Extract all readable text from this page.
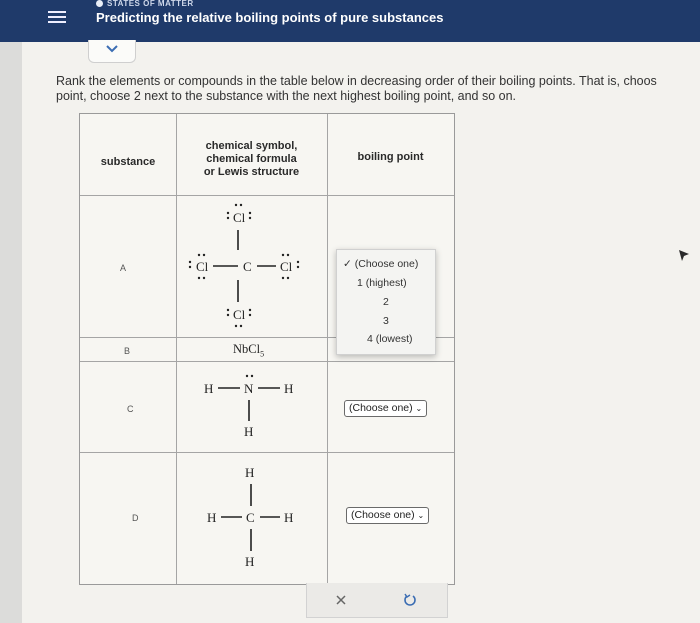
STATES OF MATTER
Predicting the relative boiling points of pure substances
Rank the elements or compounds in the table below in decreasing order of their boiling points. That is, choos
point, choose 2 next to the substance with the next highest boiling point, and so on.
substance
chemical symbol,
chemical formula
or Lewis structure
boiling point
A
B
C
D
Cl
Cl	C Cl
Cl
NbCl$_5$
H N H
H
H
H C H
H
(Choose one) ⌄
(Choose one) ⌄
✓ (Choose one)
1 (highest)
2
3
4 (lowest)
